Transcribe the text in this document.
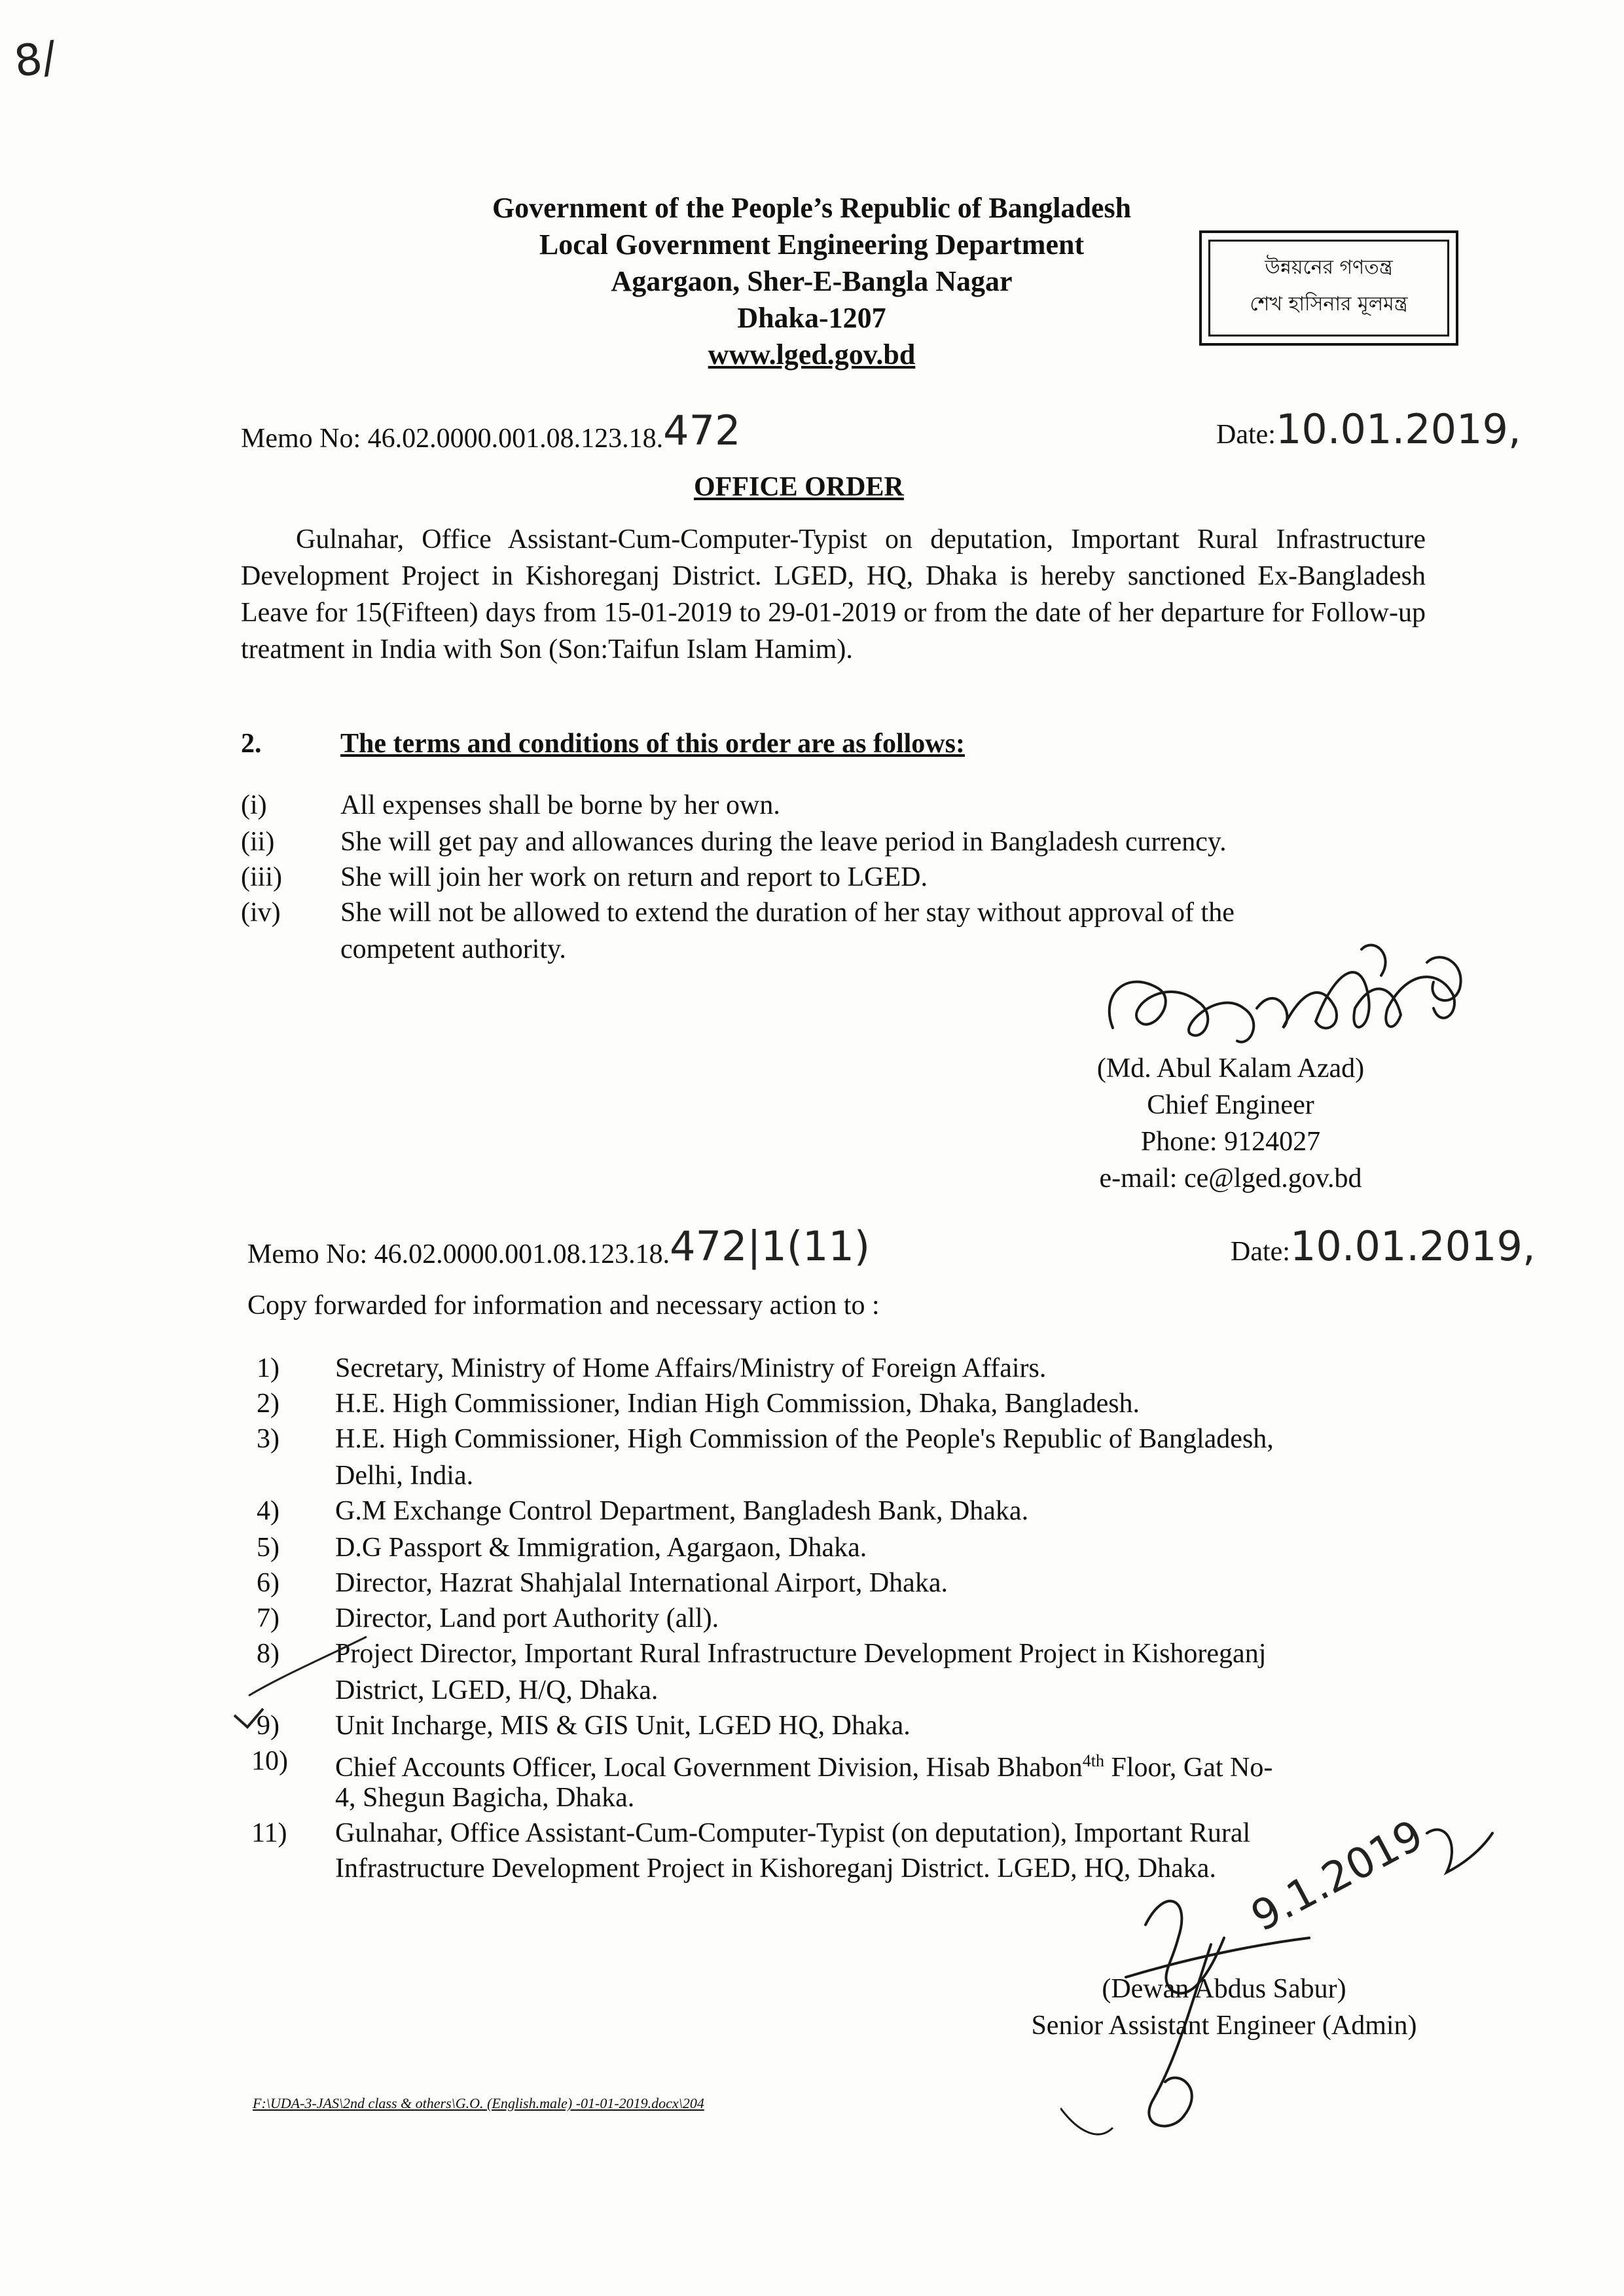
8/
Government of the People’s Republic of Bangladesh
Local Government Engineering Department
Agargaon, Sher-E-Bangla Nagar
Dhaka-1207
www.lged.gov.bd
উন্নয়নের গণতন্ত্র
শেখ হাসিনার মূলমন্ত্র
Memo No: 46.02.0000.001.08.123.18.472	Date:10.01.2019,
OFFICE ORDER
Gulnahar, Office Assistant-Cum-Computer-Typist on deputation, Important Rural Infrastructure Development Project in Kishoreganj District. LGED, HQ, Dhaka is hereby sanctioned Ex-Bangladesh Leave for 15(Fifteen) days from 15-01-2019 to 29-01-2019 or from the date of her departure for Follow-up treatment in India with Son (Son:Taifun Islam Hamim).
2.	The terms and conditions of this order are as follows:
(i)	All expenses shall be borne by her own.
(ii) She will get pay and allowances during the leave period in Bangladesh currency.
(iii) She will join her work on return and report to LGED.
(iv) She will not be allowed to extend the duration of her stay without approval of the
competent authority.
(Md. Abul Kalam Azad)
Chief Engineer
Phone: 9124027
e-mail: ce@lged.gov.bd
Memo No: 46.02.0000.001.08.123.18.472|1(11)	Date:10.01.2019,
Copy forwarded for information and necessary action to :
1) Secretary, Ministry of Home Affairs/Ministry of Foreign Affairs.
2) H.E. High Commissioner, Indian High Commission, Dhaka, Bangladesh.
3) H.E. High Commissioner, High Commission of the People's Republic of Bangladesh,
Delhi, India.
4) G.M Exchange Control Department, Bangladesh Bank, Dhaka.
5) D.G Passport & Immigration, Agargaon, Dhaka.
6) Director, Hazrat Shahjalal International Airport, Dhaka.
7) Director, Land port Authority (all).
8) Project Director, Important Rural Infrastructure Development Project in Kishoreganj
District, LGED, H/Q, Dhaka.
9) Unit Incharge, MIS & GIS Unit, LGED HQ, Dhaka.
10) Chief Accounts Officer, Local Government Division, Hisab Bhabon$^{4th}$ Floor, Gat No-
4, Shegun Bagicha, Dhaka.
11) Gulnahar, Office Assistant-Cum-Computer-Typist (on deputation), Important Rural
Infrastructure Development Project in Kishoreganj District. LGED, HQ, Dhaka. 9.1.2019
(Dewan Abdus Sabur)
Senior Assistant Engineer (Admin)
F:\UDA-3-JAS\2nd class & others\G.O. (English.male) -01-01-2019.docx\204
